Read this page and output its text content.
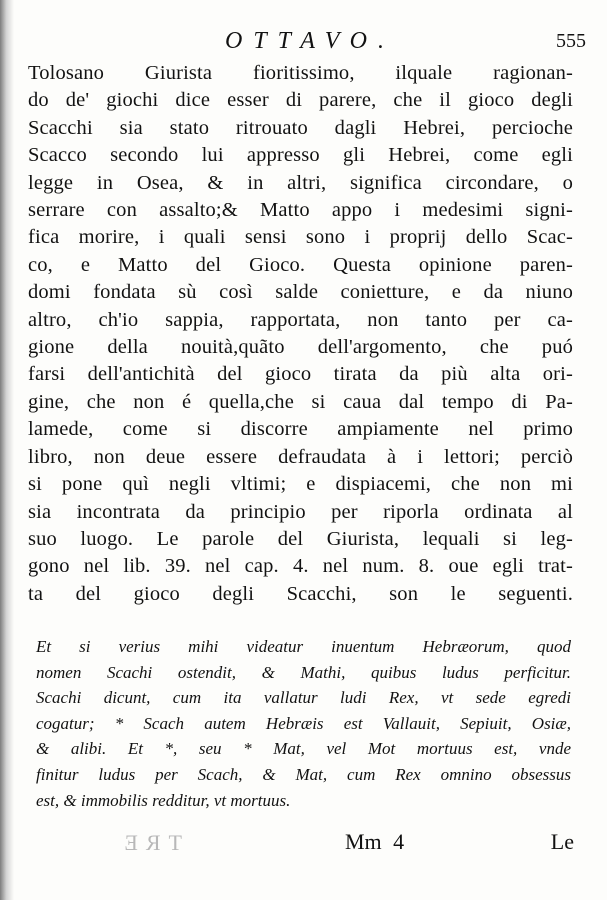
OTTAVO.	555
Tolosano Giurista fioritissimo, ilquale ragionan-
do de' giochi dice esser di parere, che il gioco degli
Scacchi sia stato ritrouato dagli Hebrei, percioche
Scacco secondo lui appresso gli Hebrei, come egli
legge in Osea, & in altri, significa circondare, o
serrare con assalto;& Matto appo i medesimi signi-
fica morire, i quali sensi sono i proprij dello Scac-
co, e Matto del Gioco. Questa opinione paren-
domi fondata sù così salde conietture, e da niuno
altro, ch'io sappia, rapportata, non tanto per ca-
gione della nouità,quãto dell'argomento, che puó
farsi dell'antichità del gioco tirata da più alta ori-
gine, che non é quella,che si caua dal tempo di Pa-
lamede, come si discorre ampiamente nel primo
libro, non deue essere defraudata à i lettori; perciò
si pone quì negli vltimi; e dispiacemi, che non mi
sia incontrata da principio per riporla ordinata al
suo luogo. Le parole del Giurista, lequali si leg-
gono nel lib. 39. nel cap. 4. nel num. 8. oue egli trat-
ta del gioco degli Scacchi, son le seguenti.
Et si verius mihi videatur inuentum Hebræorum, quod
nomen Scachi ostendit, & Mathi, quibus ludus perficitur.
Scachi dicunt, cum ita vallatur ludi Rex, vt sede egredi
cogatur; * Scach autem Hebræis est Vallauit, Sepiuit, Osiæ,
& alibi. Et *, seu * Mat, vel Mot mortuus est, vnde
finitur ludus per Scach, & Mat, cum Rex omnino obsessus
est, & immobilis redditur, vt mortuus.
TRE	Mm 4	Le
